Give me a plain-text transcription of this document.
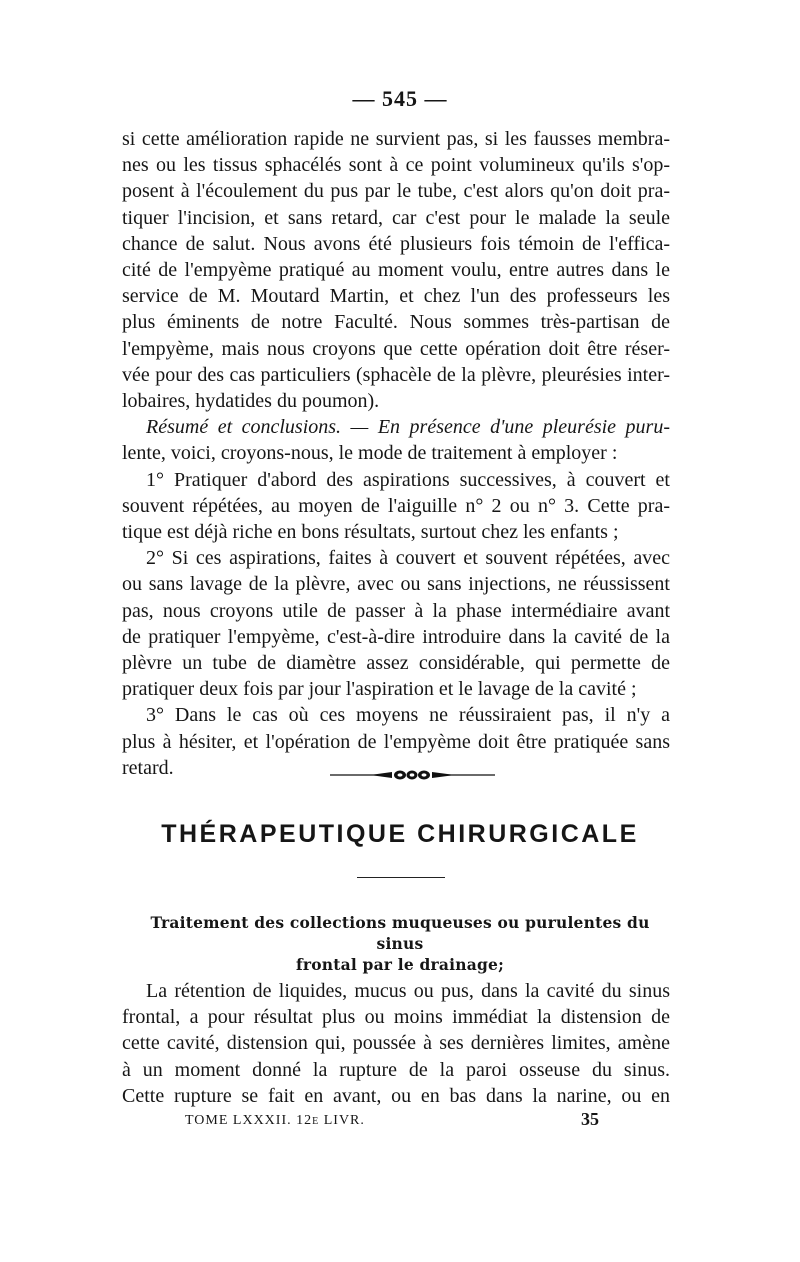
— 545 —
si cette amélioration rapide ne survient pas, si les fausses membra-
nes ou les tissus sphacélés sont à ce point volumineux qu'ils s'op-
posent à l'écoulement du pus par le tube, c'est alors qu'on doit pra-
tiquer l'incision, et sans retard, car c'est pour le malade la seule
chance de salut. Nous avons été plusieurs fois témoin de l'effica-
cité de l'empyème pratiqué au moment voulu, entre autres dans le
service de M. Moutard Martin, et chez l'un des professeurs les
plus éminents de notre Faculté. Nous sommes très-partisan de
l'empyème, mais nous croyons que cette opération doit être réser-
vée pour des cas particuliers (sphacèle de la plèvre, pleurésies inter-
lobaires, hydatides du poumon).
Résumé et conclusions. — En présence d'une pleurésie puru-
lente, voici, croyons-nous, le mode de traitement à employer :
1° Pratiquer d'abord des aspirations successives, à couvert et
souvent répétées, au moyen de l'aiguille n° 2 ou n° 3. Cette pra-
tique est déjà riche en bons résultats, surtout chez les enfants ;
2° Si ces aspirations, faites à couvert et souvent répétées, avec
ou sans lavage de la plèvre, avec ou sans injections, ne réussissent
pas, nous croyons utile de passer à la phase intermédiaire avant
de pratiquer l'empyème, c'est-à-dire introduire dans la cavité de la
plèvre un tube de diamètre assez considérable, qui permette de
pratiquer deux fois par jour l'aspiration et le lavage de la cavité ;
3° Dans le cas où ces moyens ne réussiraient pas, il n'y a
plus à hésiter, et l'opération de l'empyème doit être pratiquée sans
retard.
THÉRAPEUTIQUE CHIRURGICALE
Traitement des collections muqueuses ou purulentes du sinus
frontal par le drainage;
La rétention de liquides, mucus ou pus, dans la cavité du sinus
frontal, a pour résultat plus ou moins immédiat la distension de
cette cavité, distension qui, poussée à ses dernières limites, amène
à un moment donné la rupture de la paroi osseuse du sinus.
Cette rupture se fait en avant, ou en bas dans la narine, ou en
TOME LXXXII. 12e LIVR.	35
